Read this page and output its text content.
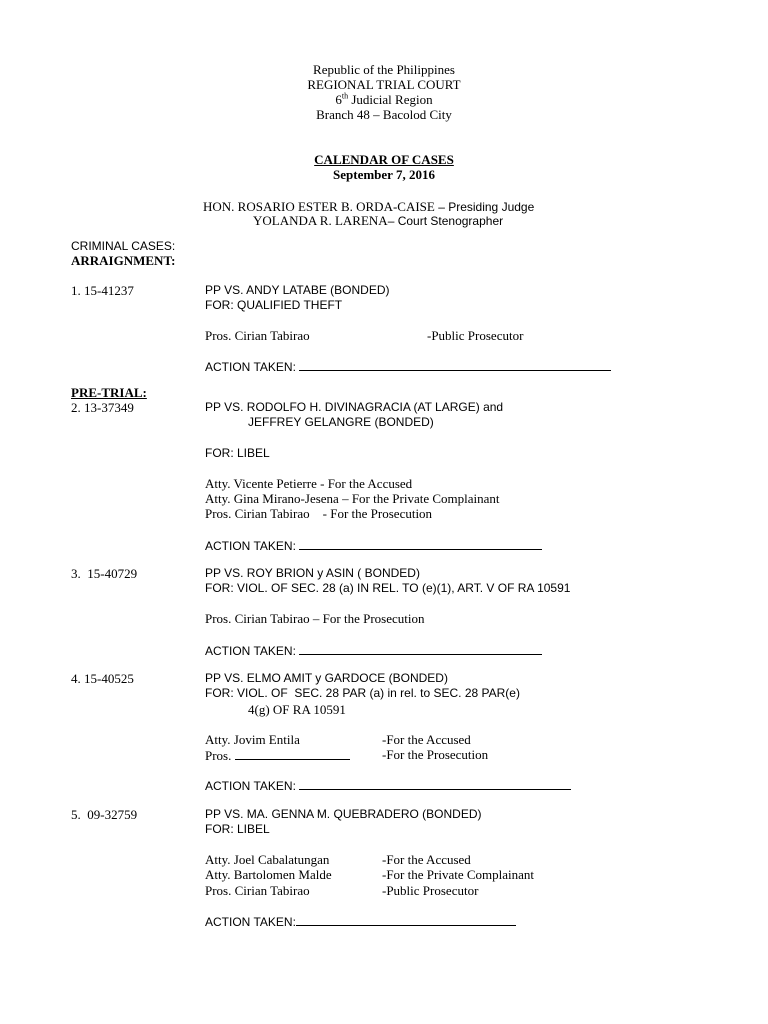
Republic of the Philippines
REGIONAL TRIAL COURT
6th Judicial Region
Branch 48 – Bacolod City
CALENDAR OF CASES
September 7, 2016
HON. ROSARIO ESTER B. ORDA-CAISE – Presiding Judge
YOLANDA R. LARENA– Court Stenographer
CRIMINAL CASES:
ARRAIGNMENT:
1. 15-41237	PP VS. ANDY LATABE (BONDED)
FOR: QUALIFIED THEFT
Pros. Cirian Tabirao	-Public Prosecutor
ACTION TAKEN:
PRE-TRIAL:
2. 13-37349	PP VS. RODOLFO H. DIVINAGRACIA (AT LARGE) and
JEFFREY GELANGRE (BONDED)
FOR: LIBEL
Atty. Vicente Petierre - For the Accused
Atty. Gina Mirano-Jesena – For the Private Complainant
Pros. Cirian Tabirao    - For the Prosecution
ACTION TAKEN:
3.  15-40729	PP VS. ROY BRION y ASIN ( BONDED)
FOR: VIOL. OF SEC. 28 (a) IN REL. TO (e)(1), ART. V OF RA 10591
Pros. Cirian Tabirao – For the Prosecution
ACTION TAKEN:
4. 15-40525	PP VS. ELMO AMIT y GARDOCE (BONDED)
FOR: VIOL. OF  SEC. 28 PAR (a) in rel. to SEC. 28 PAR(e)
4(g) OF RA 10591
Atty. Jovim Entila	-For the Accused
Pros.	-For the Prosecution
ACTION TAKEN:
5.  09-32759	PP VS. MA. GENNA M. QUEBRADERO (BONDED)
FOR: LIBEL
Atty. Joel Cabalatungan	-For the Accused
Atty. Bartolomen Malde	-For the Private Complainant
Pros. Cirian Tabirao	-Public Prosecutor
ACTION TAKEN:
